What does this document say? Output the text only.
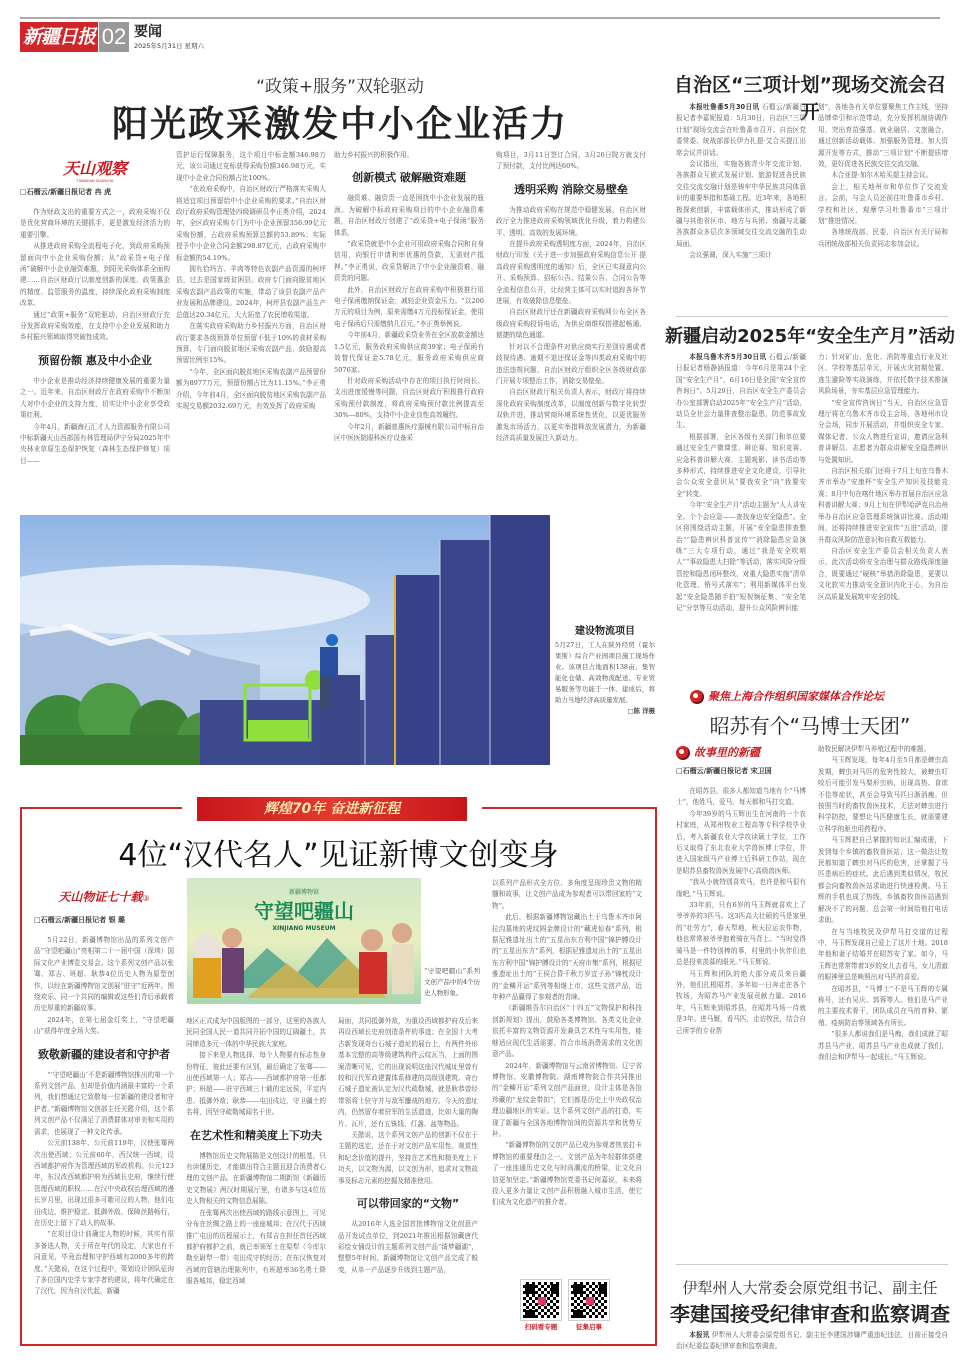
新疆日报 02 要闻
2025年5月31日 星期六
“政策+服务”双轮驱动
阳光政采激发中小企业活力
天山观察
TIANSHAN GUANCHA
□石榴云/新疆日报记者 冉 虎

作为财政支出的重要方式之一，政府采购不仅是优化营商环境的关键抓手，更是激发经济活力的重要引擎。

从推进政府采购全流程电子化，到政府采购预留面向中小企业采购份额；从“政采贷+电子保函”破解中小企业融资难题，到阳光采购体系全面构建……自治区财政厅以制度创新的深度、政策惠企的精度、监管服务的温度，持续深化政府采购制度改革。

通过“政策+服务”双轮驱动，自治区财政厅充分发挥政府采购效能，在支持中小企业发展和助力乡村振兴领域取得突破性成效。

预留份额 惠及中小企业

中小企业是推动经济持续健康发展的重要力量之一。近年来，自治区财政厅在政府采购中不断加大对中小企业的支持力度，切实让中小企业享受政策红利。

今年4月，新疆海石汇才人力资源服务有限公司中标新疆天山西部国有林管理局伊宁分局2025年中央林业草原生态保护恢复（森林生态保护修复）项目——

管护运行保障服务，这个项目中标金额346.98万元，该公司通过竞标获得采购份额346.98万元，实现中小企业合同份额占比100%。

“在政府采购中，自治区财政厅严格落实采购人将适宜项目预留给中小企业采购的要求。”自治区财政厅政府采购管理处四级调研员李正勇介绍，2024年，全区政府采购专门为中小企业预留356.99亿元采购份额，占政府采购预算总额的53.89%；实际授予中小企业合同金额298.87亿元，占政府采购中标金额的54.19%。

拥有恰玛古、羊肉等特色农副产品资源的柯坪县，过去是国家级贫困县。政府专门面向脱贫地区采购农副产品政策的实施，带动了该县农副产品产业发展和品牌建设。2024年，柯坪县农副产品生产总值达20.34亿元，大大拓宽了农民增收渠道。

在落实政府采购助力乡村振兴方面，自治区财政厅要求各级预算单位预留不低于10%的食材采购预算，专门面向脱贫地区采购农副产品，鼓励提高预留比例至15%。

“今年，全区面向脱贫地区采购农副产品预留份额为8977万元，预留份额占比为11.15%。”李正勇介绍，今年前4月，全区面向脱贫地区采购农副产品实现交易额2032.69万元，有效发挥了政府采购

助力乡村振兴的积极作用。

创新模式 破解融资难题

融资难、融资贵一直是困扰中小企业发展的瓶颈。为破解中标政府采购项目的中小企业融资难题，自治区财政厅创建了“政采贷+电子保函”服务体系。

“政采贷就是中小企业可用政府采购合同和自身信用，向银行申请利率优惠的贷款，无需财产抵押。”李正勇说，政采贷解决了中小企业融资难、融资贵的问题。

此外，自治区财政厅在政府采购中积极推行用电子保函缴纳保证金，减轻企业资金压力。“以200万元的项目为例，原来需缴4万元投标保证金，使用电子保函后只需缴纳几百元。”李正勇举例说。

今年前4月，新疆政采贷业务在全区放款金额达1.5亿元，服务政府采购供应商39家；电子保函有效替代保证金5.78亿元，服务政府采购供应商5076家。

针对政府采购活动中存在的项目执行时间长、支出进度缓慢等问题，自治区财政厅积极推行政府采购预付款制度，将政府采购预付款比例提高至30%—80%，支持中小企业良性高效履约。

今年2月，新疆普惠医疗器械有限公司中标自治区中医医院眼科医疗设备采

购项目，3月11日签订合同，3月26日院方就支付了预付款，支付比例达60%。

透明采购 消除交易壁垒

为推动政府采购在规范中稳健发展，自治区财政厅全力推进政府采购领域优化升级，着力构建公平、透明、高效的发展环境。

在提升政府采购透明度方面，2024年，自治区财政厅印发《关于进一步加强政府采购信息公开 提高政府采购透明度的通知》后，全区已实现意向公开、采购预算、招标公告、结果公告、合同公告等全流程信息公开，让经营主体可以实时追踪各环节进展，有效破除信息壁垒。

自治区财政厅还在新疆政府采购网公布全区各级政府采购投诉电话，为供应商维权搭建起畅通、便捷的绿色通道。

针对以不合理条件对供应商实行差别待遇或者歧视待遇、逾期不退还保证金等四类政府采购中的违法违规问题，自治区财政厅组织全区各级财政部门开展专项整治工作，消除交易壁垒。

自治区财政厅相关负责人表示，财政厅将持续深化政府采购制度改革，以制度创新与数字化转型双轨并进，推动营商环境系统性优化，以更优服务激发市场活力，以更实举措释放发展潜力，为新疆经济高质量发展注入新动力。

建设物流项目
5月27日，工人在陕外经贸（霍尔果斯）综合产业园项目施工现场作业。该项目占地面积138亩，集智能化仓储、高效物流配送、专业贸易服务等功能于一体，建成后，将助力当地经济高质量发展。
□陈 洋摄
自治区“三项计划”现场交流会召开

本报吐鲁番5月30日讯 石榴云/新疆日报记者李嘉妮报道：5月30日，自治区“三项计划”现场交流会在吐鲁番市召开。自治区党委常委、统战部部长伊力扎提·艾合买提江出席会议并讲话。

会议指出，实施各族青少年交流计划、各族群众互嵌式发展计划、旅游促进各民族交往交流交融计划是铸牢中华民族共同体意识的重要举措和基础工程。近3年来，各地积极探索创新，丰富载体形式，推动形成了新疆与其他省区市、地方与兵团、南疆与北疆各族群众多层次多领域交往交流交融的生动局面。

会议强调，深入实施“三项计

划”，各地各有关单位要聚焦工作主线，坚持品牌牵引和示范带动，充分发挥机制协调作用，突出育苗强基、就业融居、文旅融合，通过创新活动载体、加强服务管理、加大资源开发等方式，推动“三项计划”不断提质增效，更好促进各民族交往交流交融。

木合亚提·加尔木哈买提主持会议。

会上，相关地州市和单位作了交流发言。会前，与会人员还前往吐鲁番市乡村、学校和社区，观摩学习吐鲁番市“三项计划”推进情况。

各地统战部、民委，自治区有关厅局和兵团统战部相关负责同志参加会议。

新疆启动2025年“安全生产月”活动

本报乌鲁木齐5月30日讯 石榴云/新疆日报记者杨静涵报道：今年6月是第24个全国“安全生产月”，6月16日是全国“安全宣传咨询日”。5月29日，自治区安全生产委员会办公室部署启动2025年“安全生产月”活动，动员全社会力量排查整治隐患，防范事故发生。

根据部署，全区各级有关部门和单位要通过安全生产微课堂、辩论赛、知识竞赛、应急科普讲解大赛、主题观影、读书活动等多种形式，持续推进安全文化建设，引导社会公众安全意识从“要我安全”向“我要安全”转变。

今年“安全生产月”活动主题为“人人讲安全、个个会应急——查找身边安全隐患”。全区将围绕活动主题，开展“安全隐患排查整治”“隐患辨识科普宣传”“消除隐患应急演练”三大专项行动，通过“我是安全吹哨人”“事故隐患大扫除”等活动，落实风险分级管控和隐患闭环整改，对重大隐患实施“清单化管理、销号式落实”；利用新媒体平台发起“安全隐患随手拍”短视频征集、“安全笔记”分享等互动活动，提升公众风险辨识能

力；针对矿山、危化、消防等重点行业及社区、学校等基层单元，开展火灾初期处置、逃生避险等实战演练，并依托数字技术推演风险场景，夯实基层应急管理能力。

“安全宣传咨询日”当天，自治区应急管理厅将在乌鲁木齐市设主会场，各地州市设分会场，同步开展活动，并组织安全专家、媒体记者、公众人物进行宣讲，邀请应急科普讲解员、志愿者为群众讲解安全隐患辨识与处置知识。

自治区相关部门还将于7月上旬在乌鲁木齐市举办“安康杯”安全生产知识及技能竞赛；8月中旬在喀什地区举办首届自治区应急科普讲解大赛；9月上旬在伊犁哈萨克自治州举办自治区应急管理系统演讲比赛。活动期间，还将持续推进安全宣传“五进”活动，提升群众风险防范意识和自救互救能力。

自治区安全生产委员会相关负责人表示，此次活动将安全治理与群众路线深度融合，既要通过“硬核”举措消除隐患，更要以文化软实力推动安全意识内化于心，为自治区高质量发展筑牢安全防线。

聚焦上海合作组织国家媒体合作论坛
昭苏有个“马博士天团”
故事里的新疆
□石榴云/新疆日报记者 宋卫国

在昭苏县，很多人都知道当地有个“马博士”，他姓马，爱马，每天都和马打交道。

今年39岁的马玉辉出生在河南的一个农村家庭，从郑州牧业工程高等专科学校毕业后，考入新疆农业大学攻读硕士学位，工作后又取得了东北农业大学兽医博士学位，并进入国家级马产业博士后科研工作站，现在是昭苏县畜牧兽医发展中心高级兽医师。

“我从小就特别喜欢马，也许是和马很有缘吧。”马玉辉说。

33年前，只有6岁的马玉辉就喜欢上了爷爷养的3匹马。这3匹高大壮硕的马是家里的“壮劳力”，春天犁地，秋天拉运农作物，他也常常被爷爷抱着骑在马背上。“当时觉得骑马是一件特别棒的事，村里的小伙伴们也总是投来羡慕的眼光。”马玉辉说。

马玉辉和团队的绝大部分成员来自疆外，他们扎根昭苏，多年如一日奔走在各个牧场，为昭苏马产业发展贡献力量。2016年，马玉辉来到昭苏县，在昭苏马场一待就是3年。进马厩，看马匹，走访牧民，结合自己所学的专业帮

助牧民解决伊犁马养殖过程中的难题。

马玉辉发现，每年4月至5月都是蜱虫高发期，蜱虫对马匹的危害性较大，被蜱虫叮咬后可能引发马梨形虫病，出现高热、食欲不佳等症状，甚至会导致马匹日渐消瘦。但按照当时的畜牧兽医技术，无法对蜱虫进行科学防控，要想让马匹健康生长，就需要建立科学的驱虫用药程序。

马玉辉把自己掌握的知识汇编成册，下发到每个乡镇的畜牧兽医站，这一做法让牧民都知道了蜱虫对马匹的危害，还掌握了马匹患病后的症状。此后遇到类似情况，牧民都会向畜牧兽医站求助进行快速检测。马玉辉的手机也成了热线，乡镇畜牧兽医站遇到解决不了的问题，总会第一时间给他打电话求助。

在与当地牧民及伊犁马打交道的过程中，马玉辉发现自己爱上了这片土地。2018年他和妻子结婚并在昭苏安了家。如今，马玉辉也常常带着3岁的女儿去看马，女儿清澈的眼神里总是映照出对马匹的喜爱。

在昭苏县，“马博士”不是马玉辉的专属称号，还有吴庆、郭蓉等人。他们是马产业的主要技术骨干，团队成员在马的育种、繁殖、疫病防治等领域各有所长。

“很多人都说我们是马痴，我们成就了昭苏县马产业，昭苏县马产业也成就了我们，我们会和伊犁马一起成长。”马玉辉说。

伊犁州人大常委会原党组书记、副主任
李建国接受纪律审查和监察调查

本报讯 伊犁州人大常委会原党组书记、副主任李建国涉嫌严重违纪违法，目前正接受自治区纪委监委纪律审查和监察调查。

辉煌70年 奋进新征程
4位“汉代名人”见证新博文创变身
天山物证七十载③
□石榴云/新疆日报记者 银 璐

5月22日，新疆博物馆出品的系列文创产品“守望吧疆山”亮相第二十一届中国（深圳）国际文化产业博览交易会。这个系列文创产品以张骞、郑吉、班超、耿恭4位历史人物为原型创作，以经在新疆博物馆文创展“驻守”近两年，围绕欢乐、同一个共同的编辑或这些们背后承载着历史厚重的新疆故事。

2024年，在第七届金灯奖上，“守望吧疆山”获得年度全场大奖。

致敬新疆的建设者和守护者

“‘守望吧疆山’不是新疆博物馆推出的第一个系列文创产品，但却是价值内涵最丰富的一个系列，我们想通过它致敬每一位新疆的建设者和守护者。”新疆博物馆文创部主任关懿介绍，这个系列文创产品不仅满足了消费群体对审美和实用的需求，也展现了一种文化传承。

公元前138年、公元前119年，汉使张骞两次出使西域；公元前60年，西汉统一西域，设西域都护府作为管理西域的军政机构。公元123年，东汉改西域都护府为西域长史府，继续行使管理西域的职权……在汉中央政权治理西域的漫长岁月里，出现过很多可歌可泣的人物，他们屯田戍边、维护稳定、抵御外敌、保障丝路畅行，在历史上留下了动人的故事。

“在项目设计前确定人物的时候，其实有很多备选人物，关于所在年代的设定，大家也有不同意见，毕竟治理和守护西域有2000多年的跨度。”关懿说，在这个过程中，策划设计团队征询了多位国内史学专家学者的建议，将年代确定在了汉代，因为自汉代起，新疆

新疆博物馆
守望吧疆山
XINJIANG MUSEUM
“守望吧疆山”系列文创产品中的4个历史人物形象。

地区正式成为中国版图的一部分，这里的各族人民同全国人民一道共同开拓中国的辽阔疆土，共同缔造多元一体的中华民族大家庭。

接下来是人物选择，每个人物要有标志性身份特征，彼此还要有区别，最后确定了张骞——出使西域第一人；郑吉——西域都护府第一任都护；班超——驻守西域三十载的定远侯，平定内患、抵御外敌；耿恭——屯田戍边，守卫疆土的名将，因坚守疏勒城闻名于世。

在艺术性和精美度上下功夫

博物馆历史文物展陈是文创设计的根基，只有读懂历史，才能做出符合主题且迎合消费者心理的文创产品。在新疆博物馆二期新馆《新疆历史文物展》两汉时期展厅里，有诸多与这4位历史人物相关的文物信息展陈。

在张骞两次出使西域的路线示意图上，可见分布在丝绸之路上的一座座城邦；在汉代于西域推广屯田的历程展示上，有郑吉在担任首任西域都护府都护之前，就已率领军士在渠犁（今库尔勒至尉犁一带）屯田戍守的经历；在东汉恢复对西域的管辖治理陈列中，有班超率36名勇士降服各城邦，稳定西域

局面，共同抵御外敌，为重设西域都护府及后来再设西域长史府创造条件的事迹；在全国十大考古新发现奇台石城子遗址的展台上，有两件外形基本完整的高等级建筑构件云纹瓦当，上面的图案清晰可见，它的出现说明这座汉代城址里曾有较和汉代军政建置体系修建的高级别建筑。奇台石城子遗址被认定为汉代疏勒城，就是耿恭曾经带领将士驻守并与敌军鏖战的地方。今天的遗址内，仍然留存着驻军的生活遗迹，比如大量的陶片、瓦片，还有五铢钱、灯盏、盆等物品。

关懿说，这个系列文创产品的创新不仅在于主题的选定，还在于对文创产品实用性、观赏性和纪念价值的提升，坚持在艺术性和精美度上下功夫，以文物为源，以文创为形，追求对文物故事及标志元素的挖掘及精准使用。

可以带回家的“文物”

从2016年入选全国首批博物馆文化创意产品开发试点单位，到2021年推出根据馆藏唐代彩绘女俑设计的主题系列文创产品“绮梦疆湖”，整整5年时间，新疆博物馆让文创产品完成了蜕变，从单一产品逐步升级到主题产品，

以系列产品形式全方位、多角度呈现珍贵文物的精髓和故事，让文创产品成为参观者可以带回家的“文物”。

此后，根据新疆博物馆藏出土于乌鲁木齐市阿拉沟墓地的虎纹圆金牌设计的“藏虎惊春”系列，根据尼雅遗址出土的“五星出东方利中国”锦护膊设计的“五星出东方”系列，根据尼雅遗址出土的“五星出东方利中国”锦护膊设计的“天府市集”系列，根据尼雅遗址出土的“王侯合昏千秋万岁宜子孙”锦枕设计的“金鳞开运”系列等相继上市，这些文创产品，近年种产品赢得了参观者的青睐。

《新疆维吾尔自治区“十四五”文物保护和科技创新规划》提出，鼓励各类博物馆、各类文化企业依托丰富的文物资源开发兼具艺术性与实用性，能够适应现代生活需要、符合市场消费需求的文化创意产品。

2024年，新疆博物馆与云南省博物馆、辽宁省博物馆、安徽博物院、湖南博物院合作共同推出的“金鳞开运”系列文创产品面世，设计主体是各馆珍藏的“龙纹金带扣”，它们都是历史上中央政权治理边疆地区的实证。这个系列文创产品的打造，实现了新疆与全国各地博物馆间的资源共享和优势互补。

“新疆博物馆的文创产品已成为参观者热衷打卡博物馆的重要理由之一。文创产品为年轻群体搭建了一座连通历史文化与时尚潮流的桥梁，让文化自信更加坚定。”新疆博物馆党委书记何嘉说，未来将投入更多力量让文创产品积极融入城市生活，使它们成为文化遗产的推介者。

扫码看专题	征集启事
